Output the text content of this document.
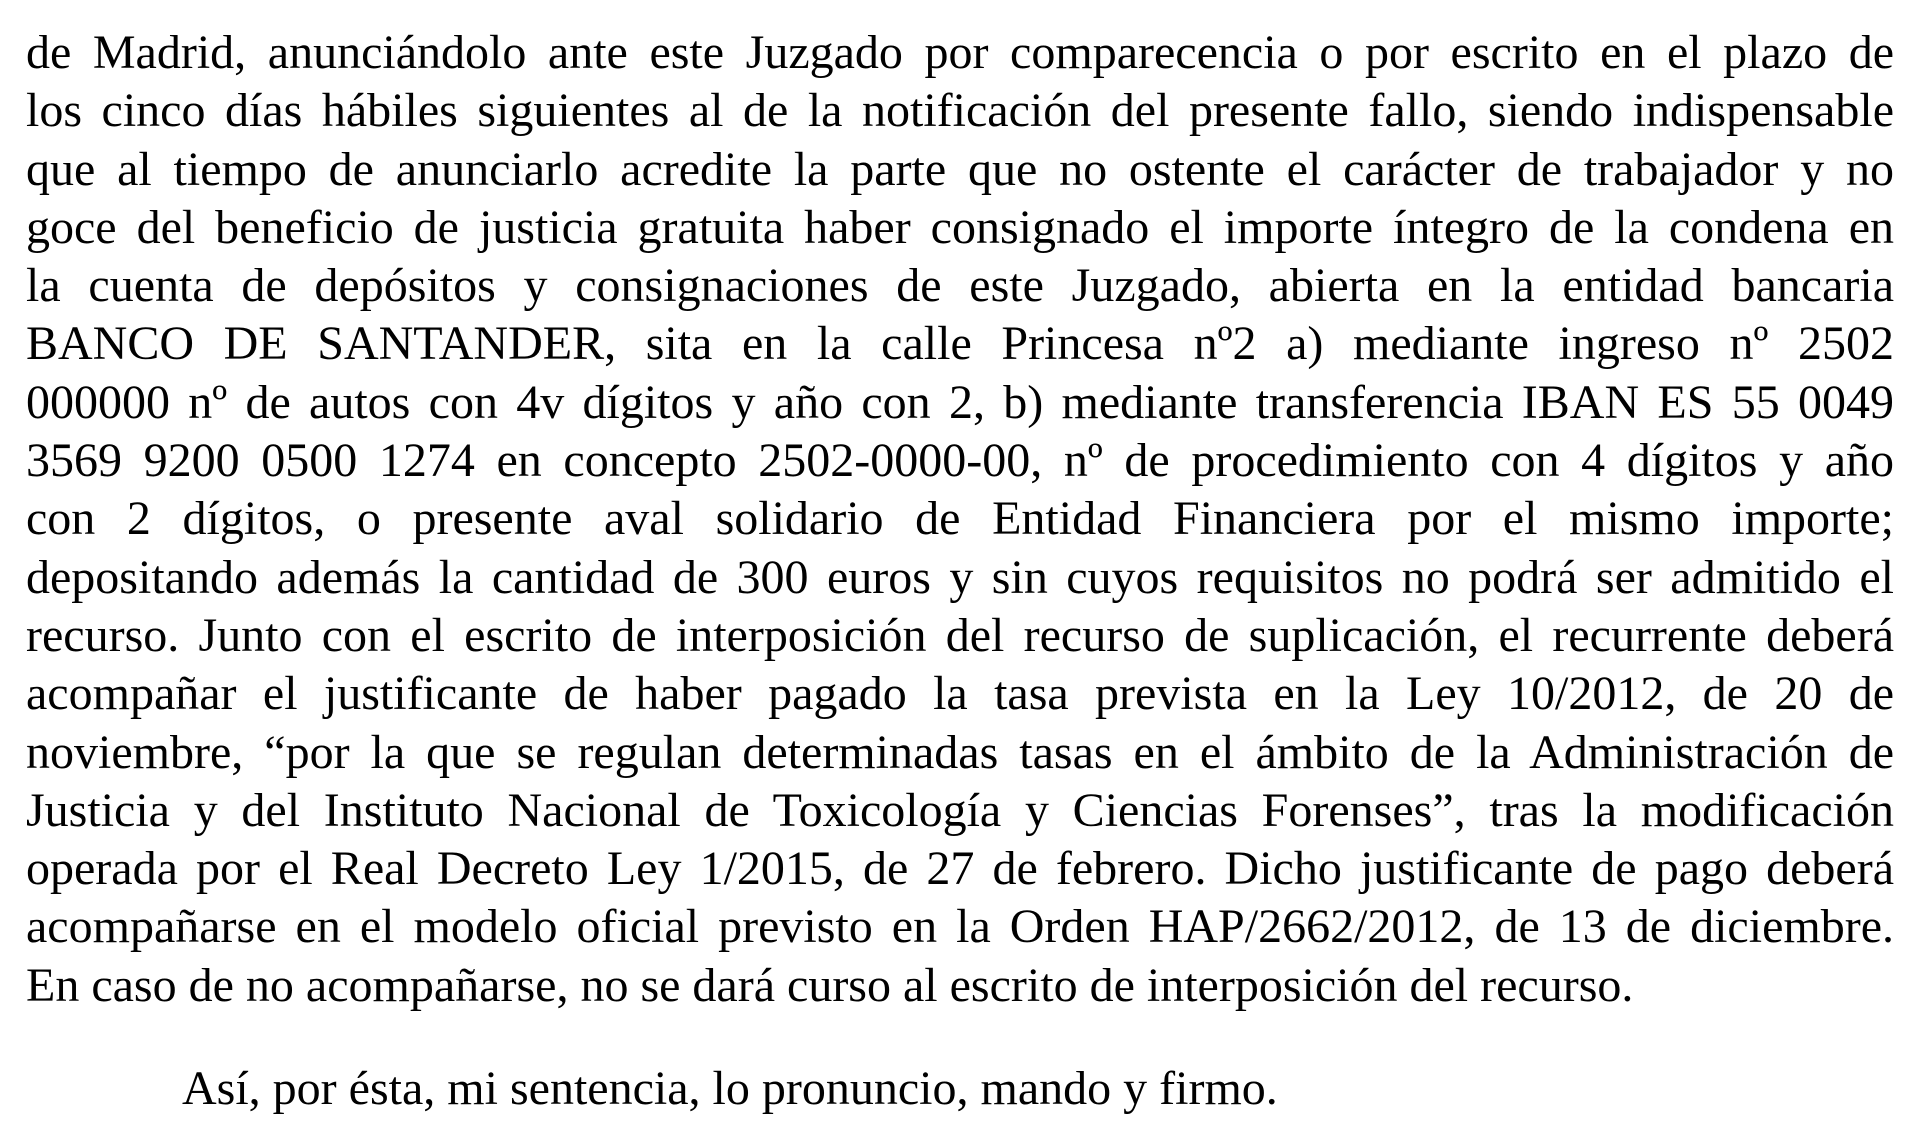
de Madrid, anunciándolo ante este Juzgado por comparecencia o por escrito en el plazo de
los cinco días hábiles siguientes al de la notificación del presente fallo, siendo indispensable
que al tiempo de anunciarlo acredite la parte que no ostente el carácter de trabajador y no
goce del beneficio de justicia gratuita haber consignado el importe íntegro de la condena en
la cuenta de depósitos y consignaciones de este Juzgado, abierta en la entidad bancaria
BANCO DE SANTANDER, sita en la calle Princesa nº2 a) mediante ingreso nº 2502
000000 nº de autos con 4v dígitos y año con 2, b) mediante transferencia IBAN ES 55 0049
3569 9200 0500 1274 en concepto 2502-0000-00, nº de procedimiento con 4 dígitos y año
con 2 dígitos, o presente aval solidario de Entidad Financiera por el mismo importe;
depositando además la cantidad de 300 euros y sin cuyos requisitos no podrá ser admitido el
recurso. Junto con el escrito de interposición del recurso de suplicación, el recurrente deberá
acompañar el justificante de haber pagado la tasa prevista en la Ley 10/2012, de 20 de
noviembre, “por la que se regulan determinadas tasas en el ámbito de la Administración de
Justicia y del Instituto Nacional de Toxicología y Ciencias Forenses”, tras la modificación
operada por el Real Decreto Ley 1/2015, de 27 de febrero. Dicho justificante de pago deberá
acompañarse en el modelo oficial previsto en la Orden HAP/2662/2012, de 13 de diciembre.
En caso de no acompañarse, no se dará curso al escrito de interposición del recurso.

Así, por ésta, mi sentencia, lo pronuncio, mando y firmo.
